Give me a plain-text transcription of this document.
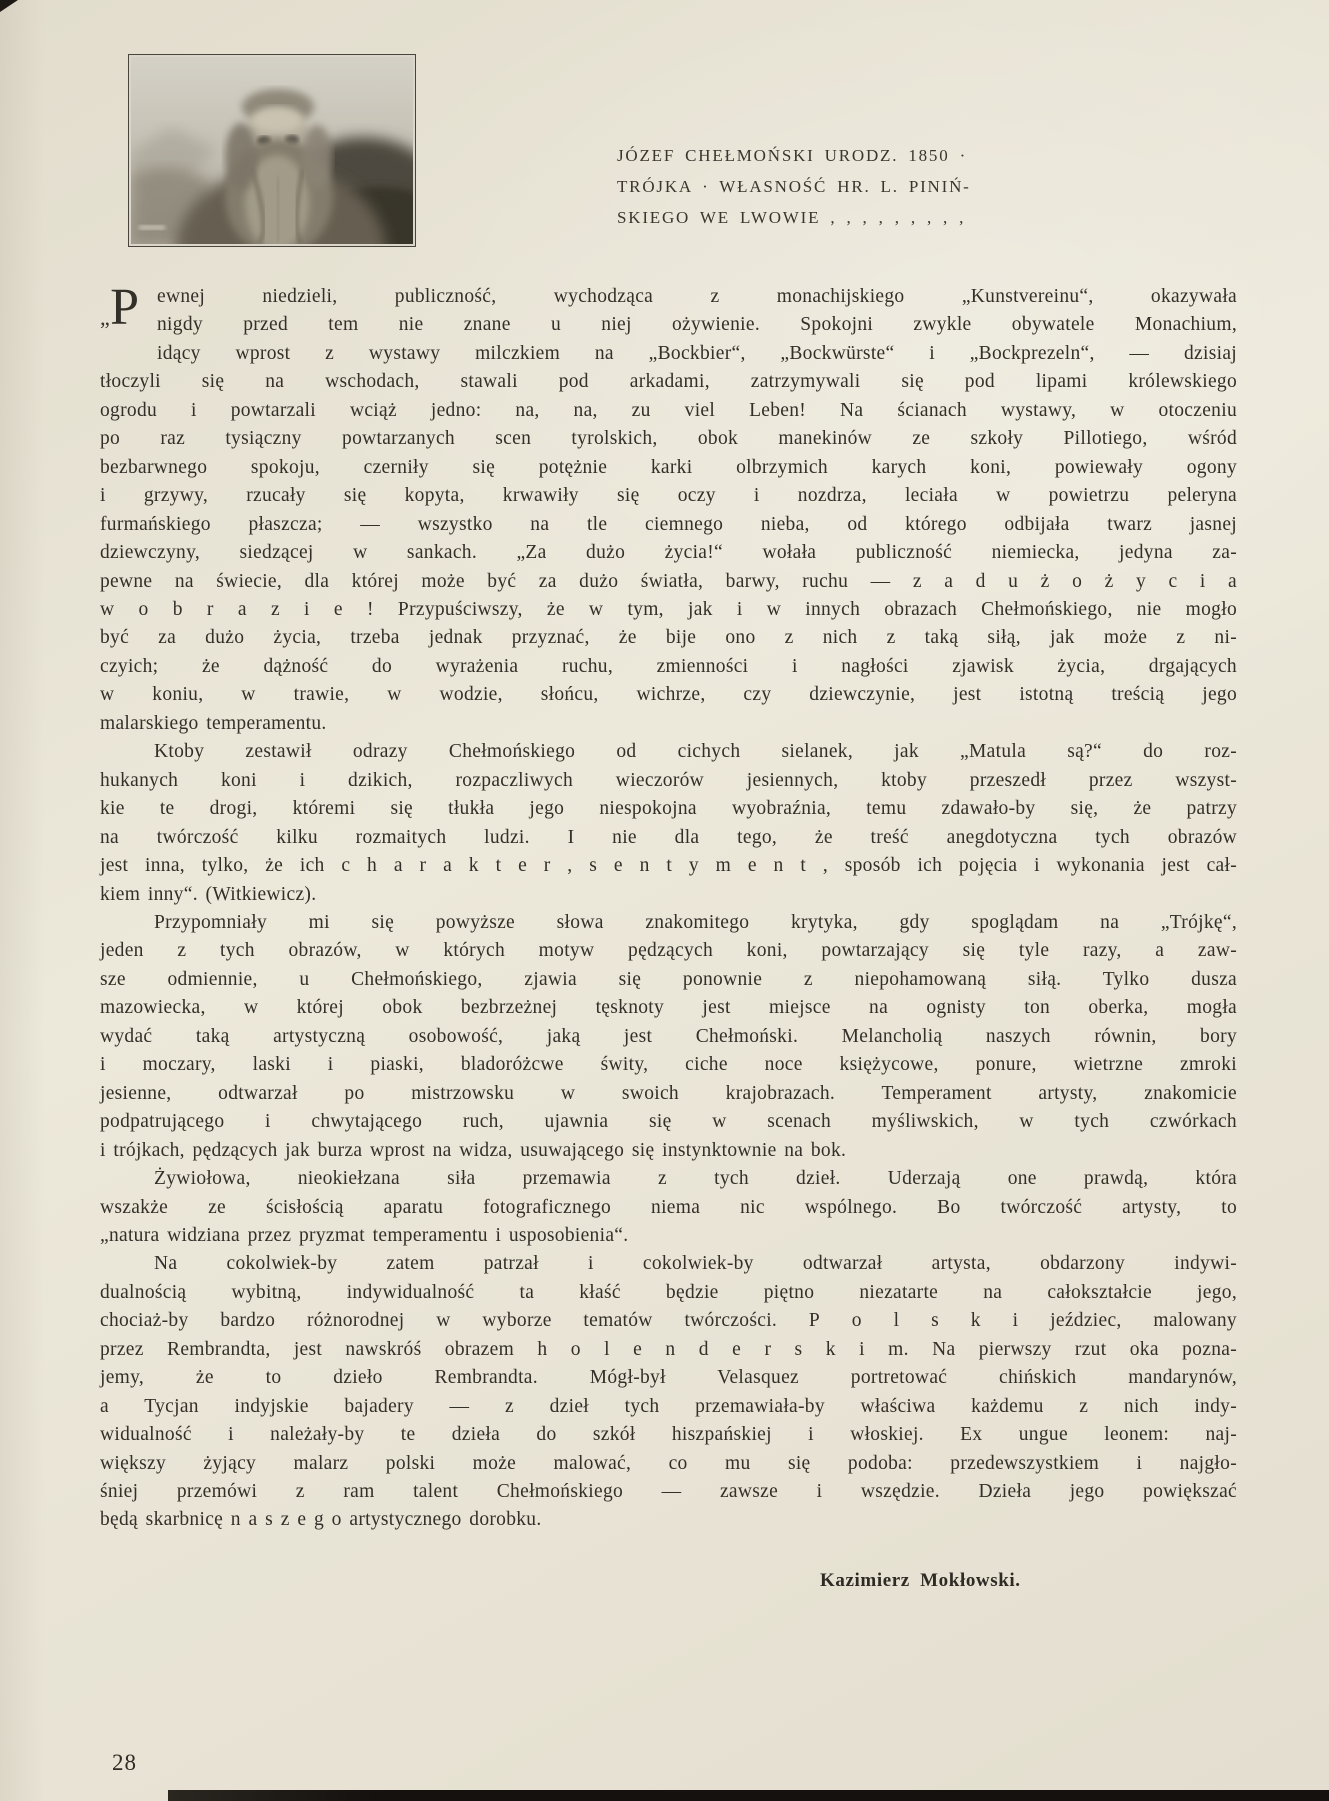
JÓZEF CHEŁMOŃSKI URODZ. 1850 ·
TRÓJKA · WŁASNOŚĆ HR. L. PINIŃ-
SKIEGO WE LWOWIE , , , , , , , , ,
„ P ewnej niedzieli, publiczność, wychodząca z monachijskiego „Kunstvereinu“, okazywała
nigdy przed tem nie znane u niej ożywienie. Spokojni zwykle obywatele Monachium,
idący wprost z wystawy milczkiem na „Bockbier“, „Bockwürste“ i „Bockprezeln“, — dzisiaj
tłoczyli się na wschodach, stawali pod arkadami, zatrzymywali się pod lipami królewskiego
ogrodu i powtarzali wciąż jedno: na, na, zu viel Leben! Na ścianach wystawy, w otoczeniu
po raz tysiączny powtarzanych scen tyrolskich, obok manekinów ze szkoły Pillotiego, wśród
bezbarwnego spokoju, czerniły się potężnie karki olbrzymich karych koni, powiewały ogony
i grzywy, rzucały się kopyta, krwawiły się oczy i nozdrza, leciała w powietrzu peleryna
furmańskiego płaszcza; — wszystko na tle ciemnego nieba, od którego odbijała twarz jasnej
dziewczyny, siedzącej w sankach. „Za dużo życia!“ wołała publiczność niemiecka, jedyna za-
pewne na świecie, dla której może być za dużo światła, barwy, ruchu — z a d u ż o ż y c i a
w o b r a z i e ! Przypuściwszy, że w tym, jak i w innych obrazach Chełmońskiego, nie mogło
być za dużo życia, trzeba jednak przyznać, że bije ono z nich z taką siłą, jak może z ni-
czyich; że dążność do wyrażenia ruchu, zmienności i nagłości zjawisk życia, drgających
w koniu, w trawie, w wodzie, słońcu, wichrze, czy dziewczynie, jest istotną treścią jego
malarskiego temperamentu.
Ktoby zestawił odrazy Chełmońskiego od cichych sielanek, jak „Matula są?“ do roz-
hukanych koni i dzikich, rozpaczliwych wieczorów jesiennych, ktoby przeszedł przez wszyst-
kie te drogi, któremi się tłukła jego niespokojna wyobraźnia, temu zdawało-by się, że patrzy
na twórczość kilku rozmaitych ludzi. I nie dla tego, że treść anegdotyczna tych obrazów
jest inna, tylko, że ich c h a r a k t e r , s e n t y m e n t , sposób ich pojęcia i wykonania jest cał-
kiem inny“. (Witkiewicz).
Przypomniały mi się powyższe słowa znakomitego krytyka, gdy spoglądam na „Trójkę“,
jeden z tych obrazów, w których motyw pędzących koni, powtarzający się tyle razy, a zaw-
sze odmiennie, u Chełmońskiego, zjawia się ponownie z niepohamowaną siłą. Tylko dusza
mazowiecka, w której obok bezbrzeżnej tęsknoty jest miejsce na ognisty ton oberka, mogła
wydać taką artystyczną osobowość, jaką jest Chełmoński. Melancholią naszych równin, bory
i moczary, laski i piaski, bladoróżcwe świty, ciche noce księżycowe, ponure, wietrzne zmroki
jesienne, odtwarzał po mistrzowsku w swoich krajobrazach. Temperament artysty, znakomicie
podpatrującego i chwytającego ruch, ujawnia się w scenach myśliwskich, w tych czwórkach
i trójkach, pędzących jak burza wprost na widza, usuwającego się instynktownie na bok.
Żywiołowa, nieokiełzana siła przemawia z tych dzieł. Uderzają one prawdą, która
wszakże ze ścisłością aparatu fotograficznego niema nic wspólnego. Bo twórczość artysty, to
„natura widziana przez pryzmat temperamentu i usposobienia“.
Na cokolwiek-by zatem patrzał i cokolwiek-by odtwarzał artysta, obdarzony indywi-
dualnością wybitną, indywidualność ta kłaść będzie piętno niezatarte na całokształcie jego,
chociaż-by bardzo różnorodnej w wyborze tematów twórczości. P o l s k i jeździec, malowany
przez Rembrandta, jest nawskróś obrazem h o l e n d e r s k i m. Na pierwszy rzut oka pozna-
jemy, że to dzieło Rembrandta. Mógł-był Velasquez portretować chińskich mandarynów,
a Tycjan indyjskie bajadery — z dzieł tych przemawiała-by właściwa każdemu z nich indy-
widualność i należały-by te dzieła do szkół hiszpańskiej i włoskiej. Ex ungue leonem: naj-
większy żyjący malarz polski może malować, co mu się podoba: przedewszystkiem i najgło-
śniej przemówi z ram talent Chełmońskiego — zawsze i wszędzie. Dzieła jego powiększać
będą skarbnicę n a s z e g o artystycznego dorobku.
Kazimierz Mokłowski.
28
